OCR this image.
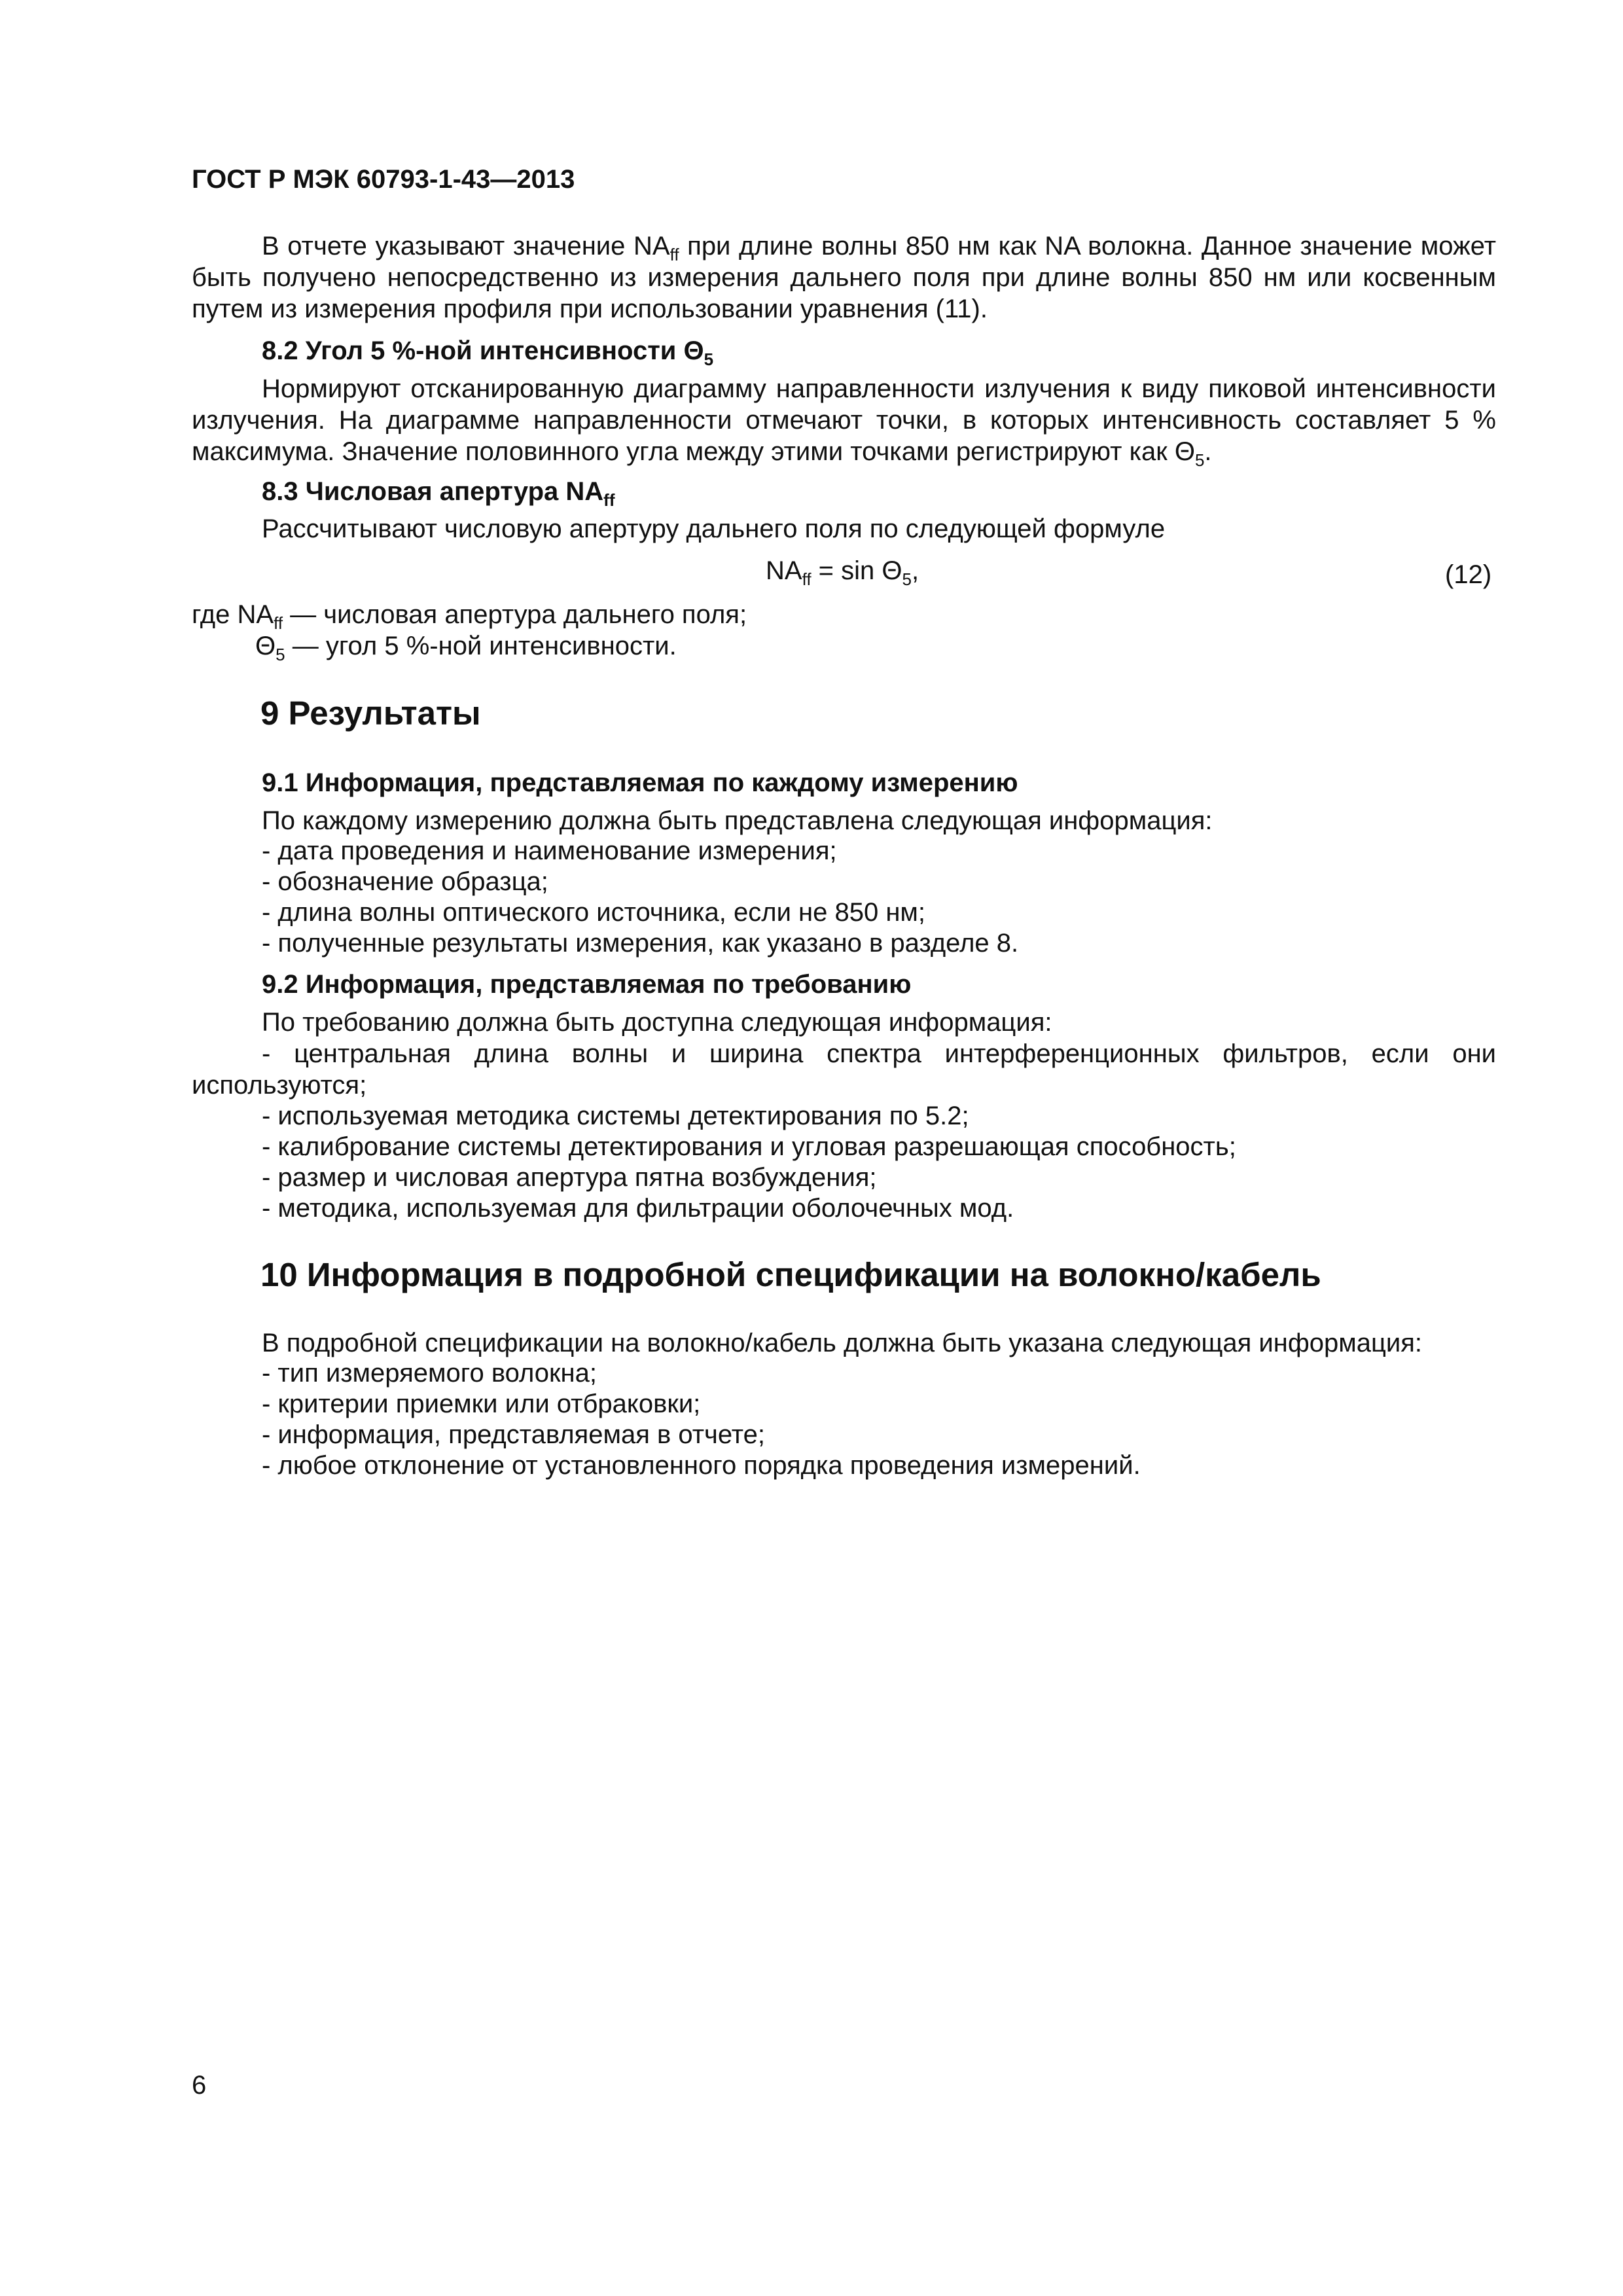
ГОСТ Р МЭК 60793-1-43—2013

В отчете указывают значение $NA_{ff}$ при длине волны 850 нм как NA волокна. Данное значение может быть получено непосредственно из измерения дальнего поля при длине волны 850 нм или косвенным путем из измерения профиля при использовании уравнения (11).

8.2 Угол 5 %-ной интенсивности $\Theta_5$

Нормируют отсканированную диаграмму направленности излучения к виду пиковой интенсивности излучения. На диаграмме направленности отмечают точки, в которых интенсивность составляет 5 % максимума. Значение половинного угла между этими точками регистрируют как $\Theta_5$.

8.3 Числовая апертура $NA_{ff}$
Рассчитывают числовую апертуру дальнего поля по следующей формуле
$NA_{ff} = \sin \Theta_5$,	(12)
где $NA_{ff}$ — числовая апертура дальнего поля;
$\Theta_5$ — угол 5 %-ной интенсивности.
9 Результаты
9.1 Информация, представляемая по каждому измерению
По каждому измерению должна быть представлена следующая информация:
- дата проведения и наименование измерения;
- обозначение образца;
- длина волны оптического источника, если не 850 нм;
- полученные результаты измерения, как указано в разделе 8.
9.2 Информация, представляемая по требованию
По требованию должна быть доступна следующая информация:

- центральная длина волны и ширина спектра интерференционных фильтров, если они используются;

- используемая методика системы детектирования по 5.2;
- калибрование системы детектирования и угловая разрешающая способность;
- размер и числовая апертура пятна возбуждения;
- методика, используемая для фильтрации оболочечных мод.
10 Информация в подробной спецификации на волокно/кабель
В подробной спецификации на волокно/кабель должна быть указана следующая информация:
- тип измеряемого волокна;
- критерии приемки или отбраковки;
- информация, представляемая в отчете;
- любое отклонение от установленного порядка проведения измерений.
6
